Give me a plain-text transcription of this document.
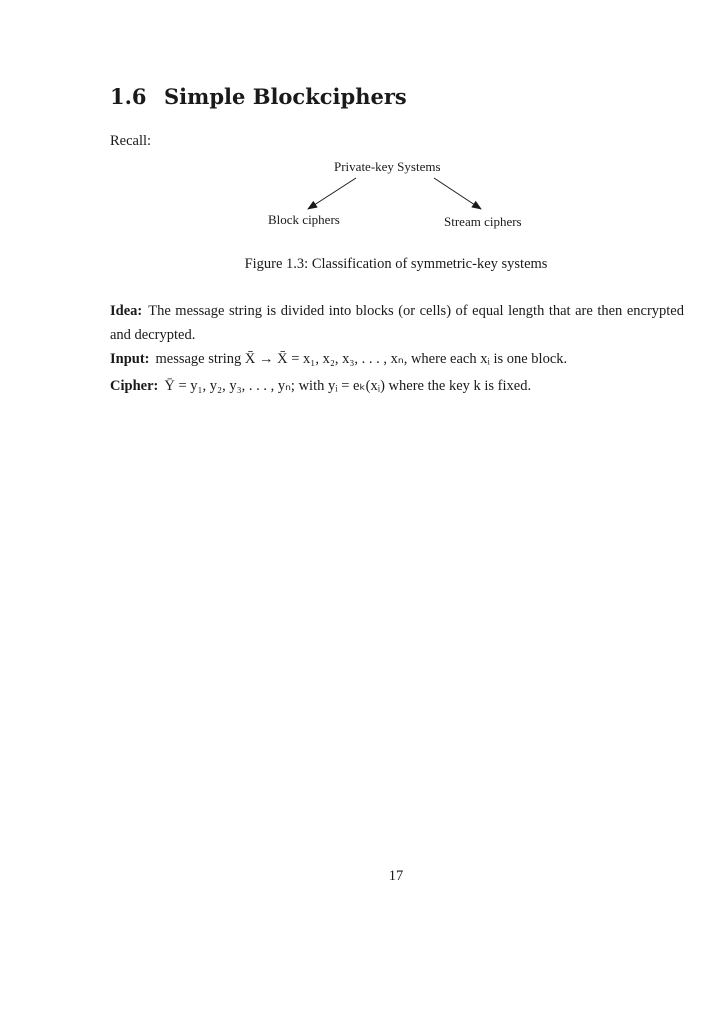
1.6 Simple Blockciphers
Recall:
Private-key Systems
Block ciphers	Stream ciphers
Figure 1.3: Classification of symmetric-key systems
Idea: The message string is divided into blocks (or cells) of equal length that are then encrypted and decrypted.
Input: message string X̄ → X̄ = x₁, x₂, x₃, . . . , xₙ, where each xᵢ is one block.
Cipher: Ȳ = y₁, y₂, y₃, . . . , yₙ; with yᵢ = eₖ(xᵢ) where the key k is fixed.
17
